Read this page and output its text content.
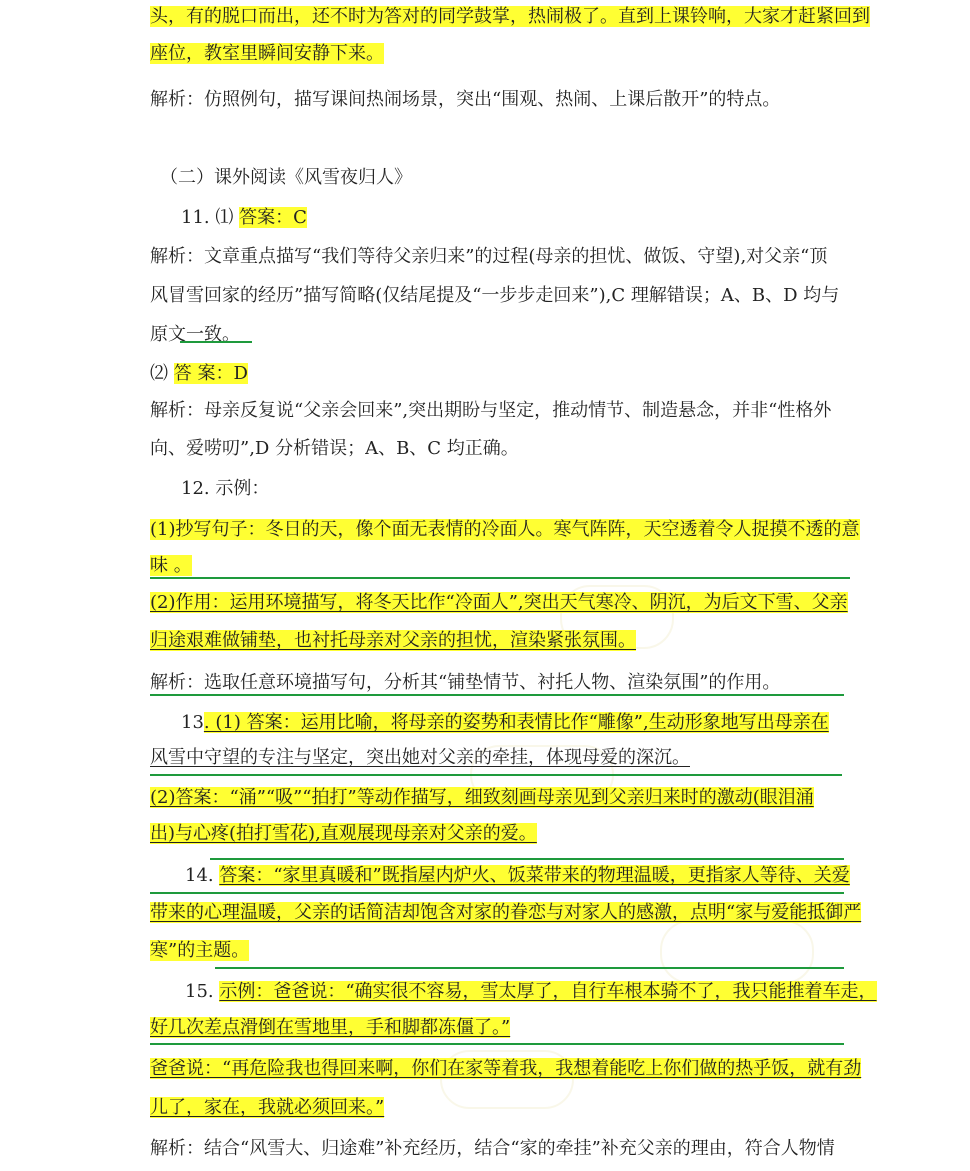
头，有的脱口而出，还不时为答对的同学鼓掌，热闹极了。直到上课铃响，大家才赶紧回到
座位，教室里瞬间安静下来。
解析：仿照例句，描写课间热闹场景，突出“围观、热闹、上课后散开”的特点。
（二）课外阅读《风雪夜归人》
11. ⑴ 答案：C
解析：文章重点描写“我们等待父亲归来”的过程(母亲的担忧、做饭、守望),对父亲“顶
风冒雪回家的经历”描写简略(仅结尾提及“一步步走回来”),C 理解错误；A、B、D 均与
原文一致。
⑵ 答 案：D
解析：母亲反复说“父亲会回来”,突出期盼与坚定，推动情节、制造悬念，并非“性格外
向、爱唠叨”,D 分析错误；A、B、C 均正确。
12. 示例：
(1)抄写句子：冬日的天，像个面无表情的冷面人。寒气阵阵，天空透着令人捉摸不透的意
味 。
(2)作用：运用环境描写，将冬天比作“冷面人”,突出天气寒冷、阴沉，为后文下雪、父亲
归途艰难做铺垫，也衬托母亲对父亲的担忧，渲染紧张氛围。
解析：选取任意环境描写句，分析其“铺垫情节、衬托人物、渲染氛围”的作用。
13. (1) 答案：运用比喻，将母亲的姿势和表情比作“雕像”,生动形象地写出母亲在
风雪中守望的专注与坚定，突出她对父亲的牵挂，体现母爱的深沉。
(2)答案：“涌”“吸”“拍打”等动作描写，细致刻画母亲见到父亲归来时的激动(眼泪涌
出)与心疼(拍打雪花),直观展现母亲对父亲的爱。
14. 答案：“家里真暖和”既指屋内炉火、饭菜带来的物理温暖，更指家人等待、关爱
带来的心理温暖，父亲的话简洁却饱含对家的眷恋与对家人的感激，点明“家与爱能抵御严
寒”的主题。
15. 示例：爸爸说：“确实很不容易，雪太厚了，自行车根本骑不了，我只能推着车走，
好几次差点滑倒在雪地里，手和脚都冻僵了。”
爸爸说：“再危险我也得回来啊，你们在家等着我，我想着能吃上你们做的热乎饭，就有劲
儿了，家在，我就必须回来。”
解析：结合“风雪大、归途难”补充经历，结合“家的牵挂”补充父亲的理由，符合人物情
